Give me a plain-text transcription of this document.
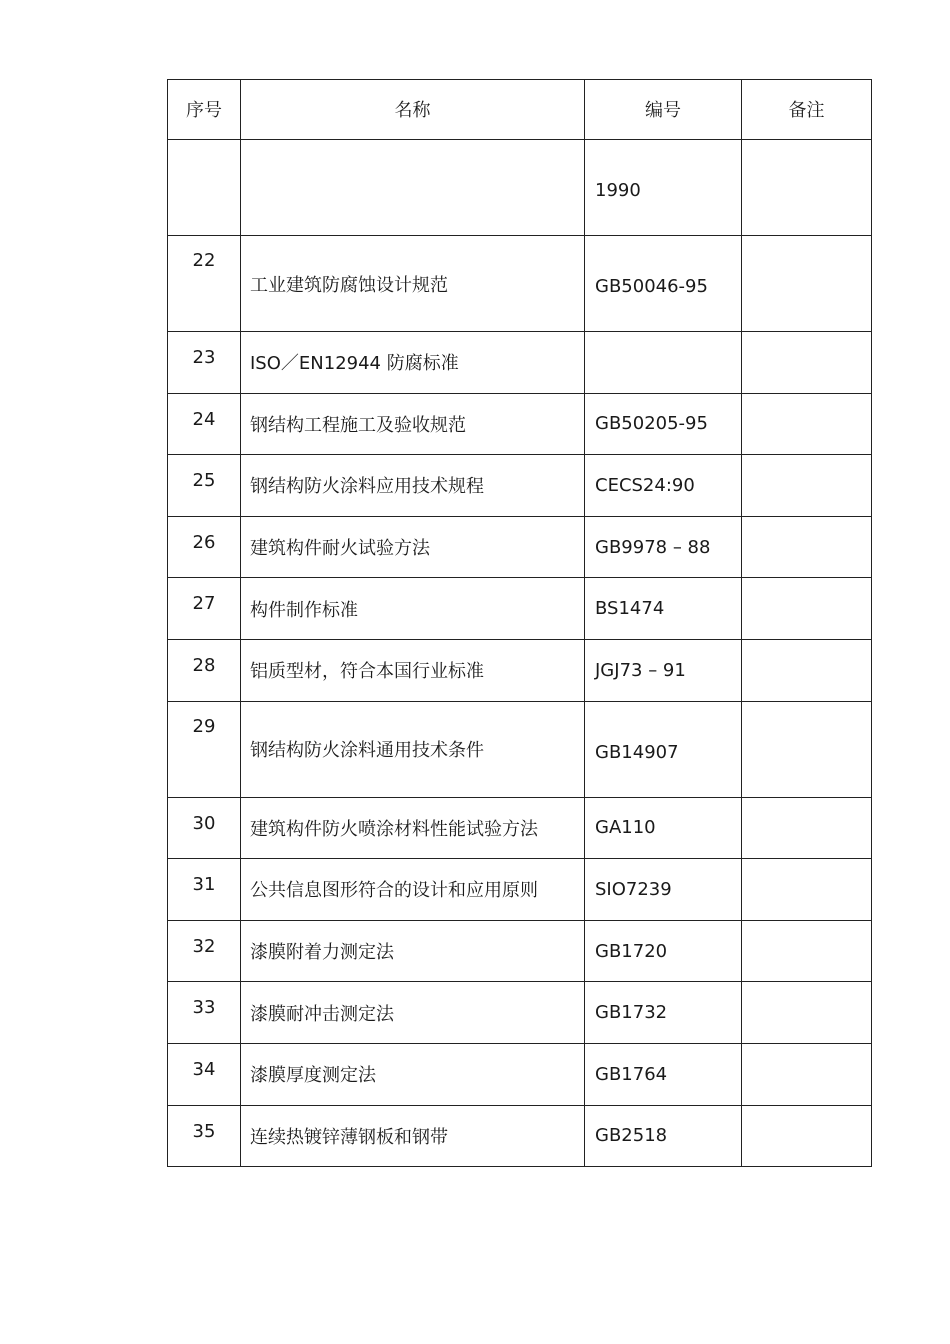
序号	名称	编号	备注
		1990	
22	工业建筑防腐蚀设计规范	GB50046-95	
23	ISO／EN12944 防腐标准		
24	钢结构工程施工及验收规范	GB50205-95	
25	钢结构防火涂料应用技术规程	CECS24:90	
26	建筑构件耐火试验方法	GB9978 – 88	
27	构件制作标准	BS1474	
28	铝质型材，符合本国行业标准	JGJ73 – 91	
29	钢结构防火涂料通用技术条件	GB14907	
30	建筑构件防火喷涂材料性能试验方法	GA110	
31	公共信息图形符合的设计和应用原则	SIO7239	
32	漆膜附着力测定法	GB1720	
33	漆膜耐冲击测定法	GB1732	
34	漆膜厚度测定法	GB1764	
35	连续热镀锌薄钢板和钢带	GB2518	
